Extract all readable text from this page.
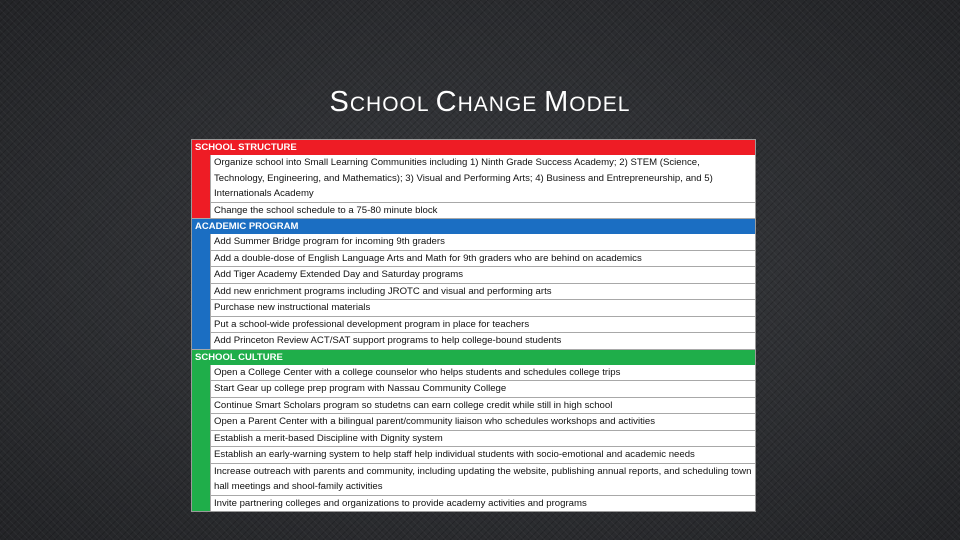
SCHOOL CHANGE MODEL
SCHOOL STRUCTURE
Organize school into Small Learning Communities including 1) Ninth Grade Success Academy; 2) STEM (Science, Technology, Engineering, and Mathematics); 3) Visual and Performing Arts; 4) Business and Entrepreneurship, and 5) Internationals Academy
Change the school schedule to a 75-80 minute block
ACADEMIC PROGRAM
Add Summer Bridge program for incoming 9th graders
Add a double-dose of English Language Arts and Math for 9th graders who are behind on academics
Add Tiger Academy Extended Day and Saturday programs
Add new enrichment programs including JROTC and visual and performing arts
Purchase new instructional materials
Put a school-wide professional development program in place for teachers
Add Princeton Review ACT/SAT support programs to help college-bound students
SCHOOL CULTURE
Open a College Center with a college counselor who helps students and schedules college trips
Start Gear up college prep program with Nassau Community College
Continue Smart Scholars program so studetns can earn college credit while still in high school
Open a Parent Center with a bilingual parent/community liaison who schedules workshops and activities
Establish a merit-based Discipline with Dignity system
Establish an early-warning system to help staff help individual students with socio-emotional and academic needs
Increase outreach with parents and community, including updating the website, publishing annual reports, and scheduling town hall meetings and shool-family activities
Invite partnering colleges and organizations to provide academy activities and programs
